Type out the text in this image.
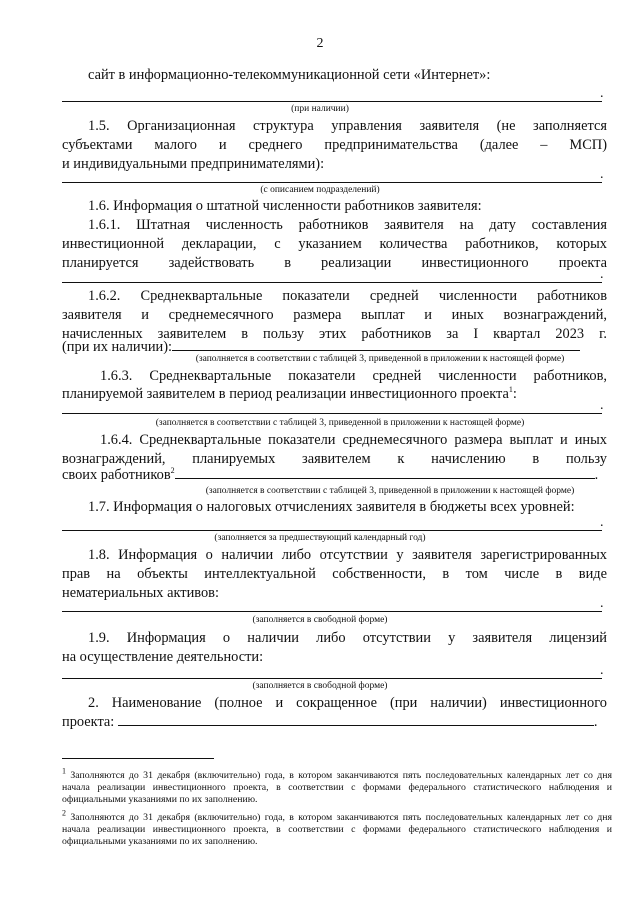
2
сайт в информационно-телекоммуникационной сети «Интернет»:
.
(при наличии)
1.5. Организационная структура управления заявителя (не заполняется
субъектами малого и среднего предпринимательства (далее – МСП)
и индивидуальными предпринимателями):
.
(с описанием подразделений)
1.6. Информация о штатной численности работников заявителя:
1.6.1. Штатная численность работников заявителя на дату составления
инвестиционной декларации, с указанием количества работников, которых
планируется задействовать в реализации инвестиционного проекта
.
1.6.2. Среднеквартальные показатели средней численности работников
заявителя и среднемесячного размера выплат и иных вознаграждений,
начисленных заявителем в пользу этих работников за I квартал 2023 г.
(при их наличии):
(заполняется в соответствии с таблицей 3, приведенной в приложении к настоящей форме)
1.6.3. Среднеквартальные показатели средней численности работников,
планируемой заявителем в период реализации инвестиционного проекта$^1$:
.
(заполняется в соответствии с таблицей 3, приведенной в приложении к настоящей форме)
1.6.4. Среднеквартальные показатели среднемесячного размера выплат и иных
вознаграждений, планируемых заявителем к начислению в пользу
своих работников$^2$	.
(заполняется в соответствии с таблицей 3, приведенной в приложении к настоящей форме)
1.7. Информация о налоговых отчислениях заявителя в бюджеты всех уровней:
.
(заполняется за предшествующий календарный год)
1.8. Информация о наличии либо отсутствии у заявителя зарегистрированных
прав на объекты интеллектуальной собственности, в том числе в виде
нематериальных активов:
.
(заполняется в свободной форме)
1.9. Информация о наличии либо отсутствии у заявителя лицензий
на осуществление деятельности:
.
(заполняется в свободной форме)
2. Наименование (полное и сокращенное (при наличии) инвестиционного
проекта:	.
$^1$ Заполняются до 31 декабря (включительно) года, в котором заканчиваются пять последовательных календарных лет со дня начала реализации инвестиционного проекта, в соответствии с формами федерального статистического наблюдения и официальными указаниями по их заполнению.
$^2$ Заполняются до 31 декабря (включительно) года, в котором заканчиваются пять последовательных календарных лет со дня начала реализации инвестиционного проекта, в соответствии с формами федерального статистического наблюдения и официальными указаниями по их заполнению.
